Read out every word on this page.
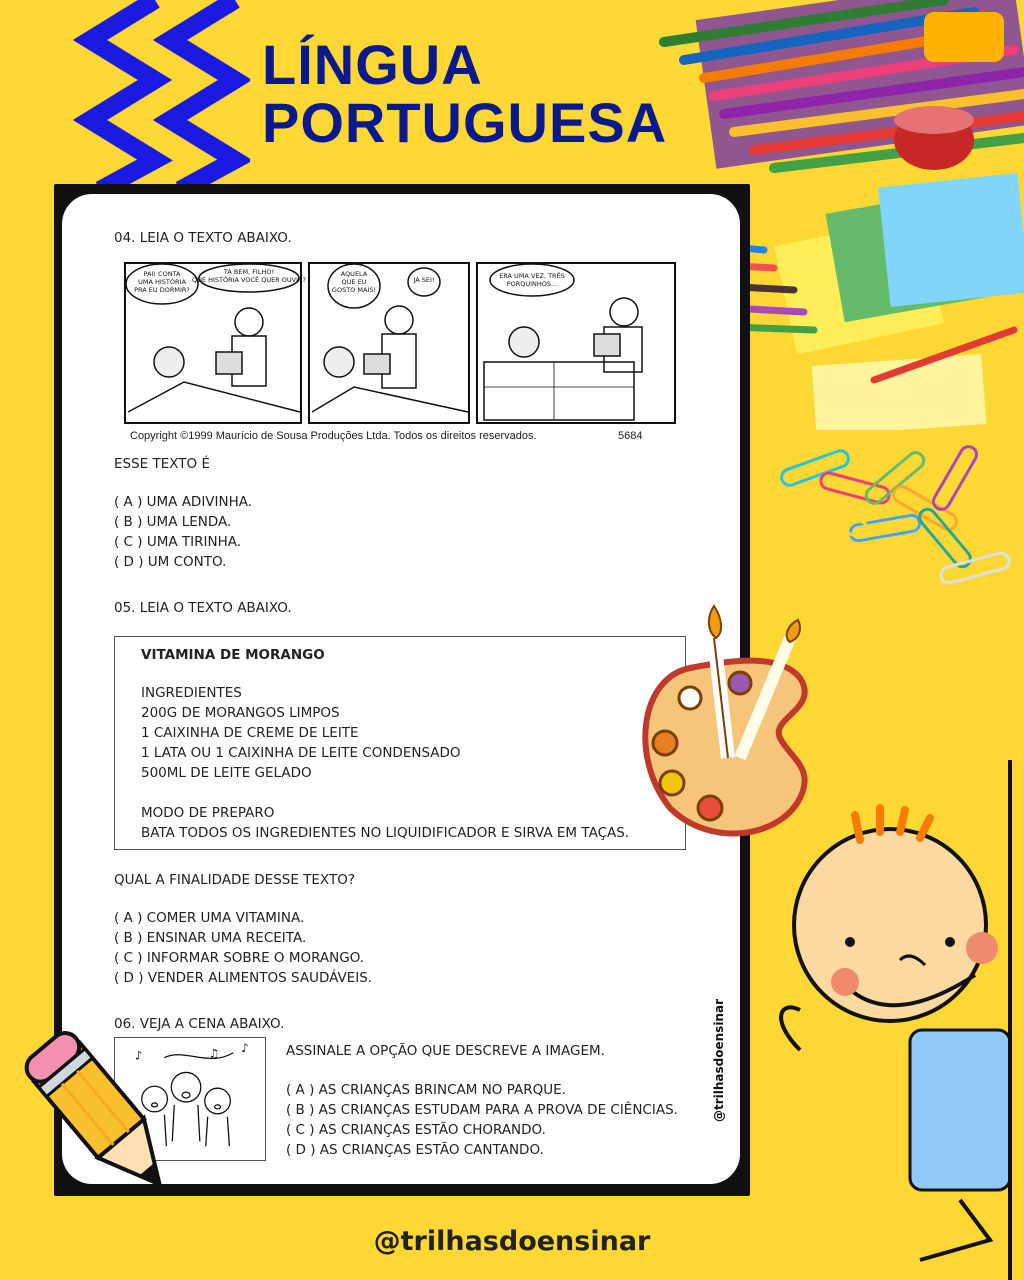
LÍNGUA
PORTUGUESA
04. LEIA O TEXTO ABAIXO.
PAI! CONTA UMA HISTÓRIA PRA EU DORMIR?
TÁ BEM, FILHO! QUE HISTÓRIA VOCÊ QUER OUVIR?
AQUELA QUE EU GOSTO MAIS!
JÁ SEI!	ERA UMA VEZ, TRÊS PORQUINHOS...
Copyright ©1999 Maurício de Sousa Produções Ltda. Todos os direitos reservados.	5684
ESSE TEXTO É
( A ) UMA ADIVINHA.
( B ) UMA LENDA.
( C ) UMA TIRINHA.
( D ) UM CONTO.
05. LEIA O TEXTO ABAIXO.
VITAMINA DE MORANGO
INGREDIENTES
200G DE MORANGOS LIMPOS
1 CAIXINHA DE CREME DE LEITE
1 LATA OU 1 CAIXINHA DE LEITE CONDENSADO
500ML DE LEITE GELADO
MODO DE PREPARO
BATA TODOS OS INGREDIENTES NO LIQUIDIFICADOR E SIRVA EM TAÇAS.
QUAL A FINALIDADE DESSE TEXTO?
( A ) COMER UMA VITAMINA.
( B ) ENSINAR UMA RECEITA.
( C ) INFORMAR SOBRE O MORANGO.
( D ) VENDER ALIMENTOS SAUDÁVEIS.
06. VEJA A CENA ABAIXO.
♪	♫ ♪	ASSINALE A OPÇÃO QUE DESCREVE A IMAGEM.
( A ) AS CRIANÇAS BRINCAM NO PARQUE.
( B ) AS CRIANÇAS ESTUDAM PARA A PROVA DE CIÊNCIAS.
( C ) AS CRIANÇAS ESTÃO CHORANDO.
( D ) AS CRIANÇAS ESTÃO CANTANDO.
@trilhasdoensinar
@trilhasdoensinar
